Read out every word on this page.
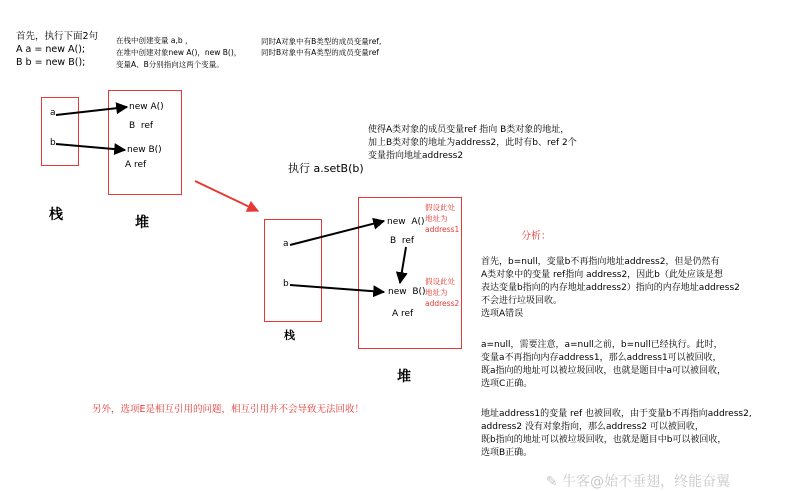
首先，执行下面2句
A a = new A();
B b = new B();
在栈中创建变量 a,b ，
在堆中创建对象new A()，new B()，
变量A、B分别指向这两个变量。
同时A对象中有B类型的成员变量ref,
同时B对象中有A类型的成员变量ref
a
b
栈
new A()
B  ref
new B()
A ref
堆
使得A类对象的成员变量ref 指向 B类对象的地址，
加上B类对象的地址为address2，此时有b、ref 2个
变量指向地址address2
执行 a.setB(b)
a
b
栈
new  A()
B  ref
new  B()
A ref
假设此处
地址为
address1
假设此处
地址为
address2
堆
分析：
首先，b=null，变量b不再指向地址address2，但是仍然有
A类对象中的变量 ref指向 address2，因此b（此处应该是想
表达变量b指向的内存地址address2）指向的内存地址address2
不会进行垃圾回收。
选项A错误
a=null，需要注意，a=null之前，b=null已经执行。此时，
变量a不再指向内存address1，那么address1可以被回收，
既a指向的地址可以被垃圾回收，也就是题目中a可以被回收，
选项C正确。
地址address1的变量 ref 也被回收，由于变量b不再指向address2,
address2 没有对象指向，那么address2 可以被回收，
既b指向的地址可以被垃圾回收，也就是题目中b可以被回收，
选项B正确。
另外，选项E是相互引用的问题，相互引用并不会导致无法回收！

✎ 牛客@始不垂翅，终能奋翼
